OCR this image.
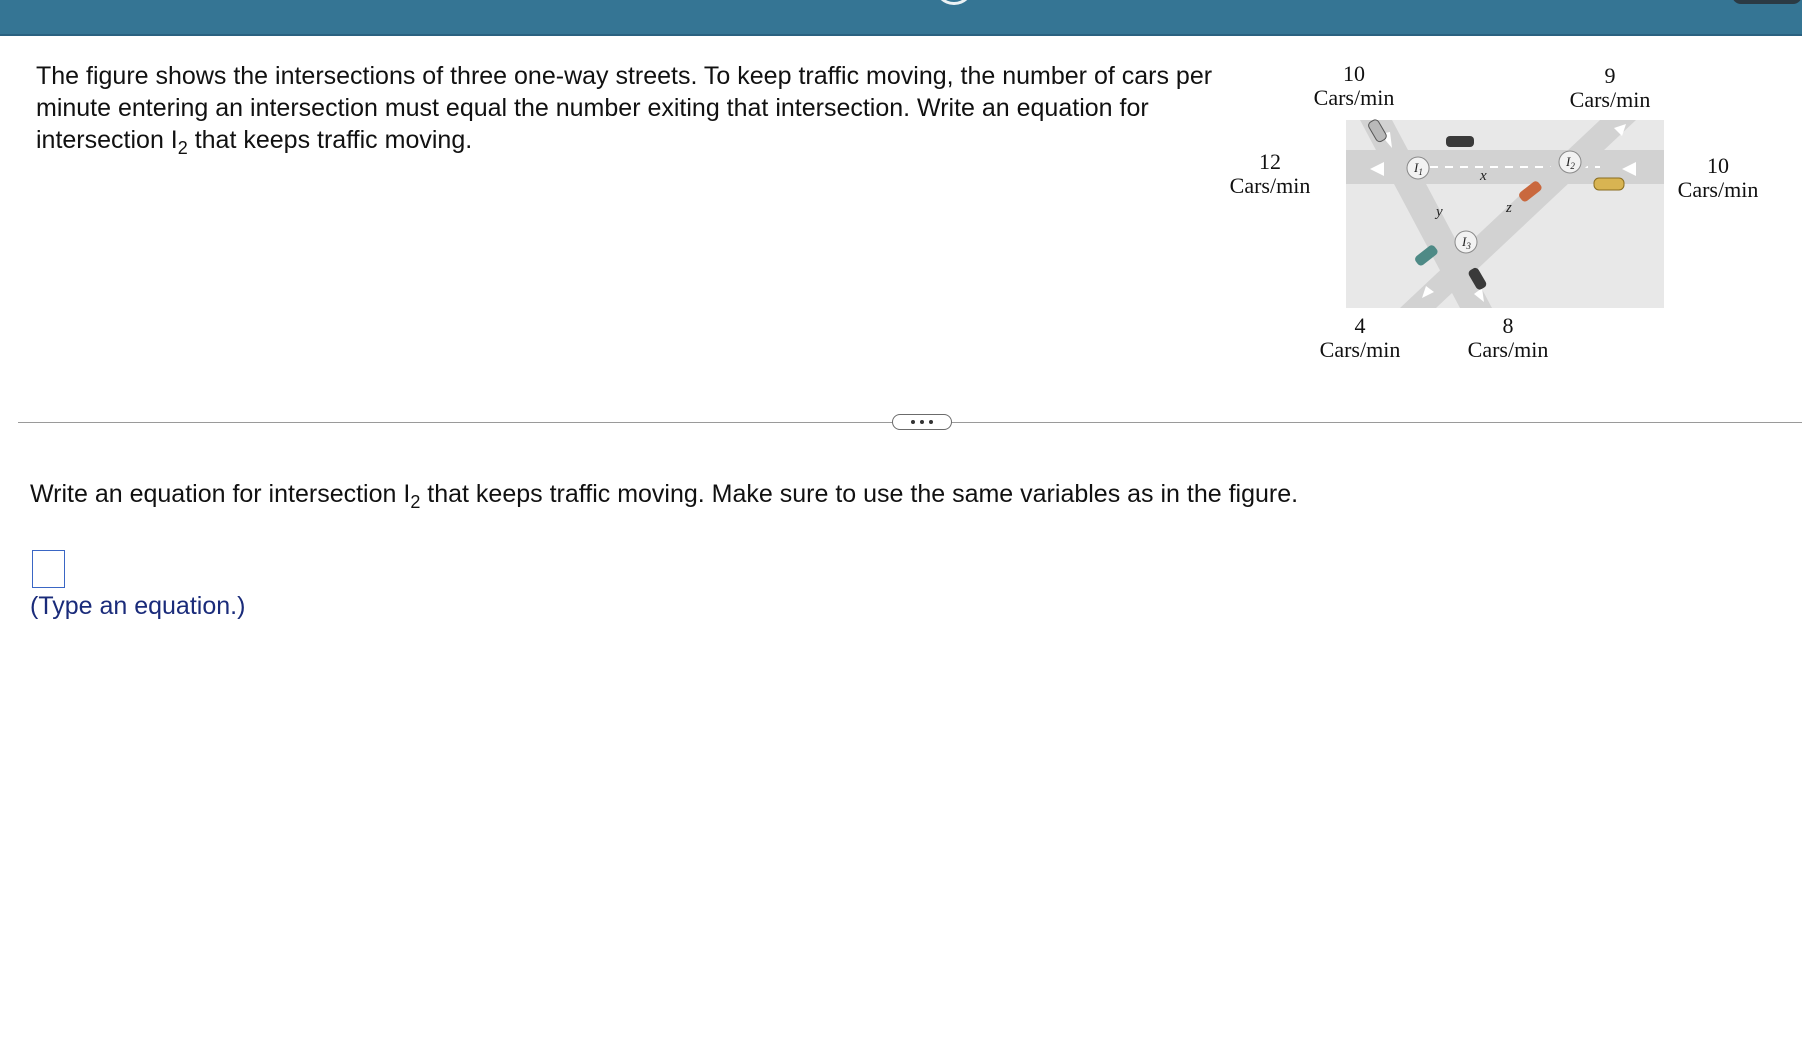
The figure shows the intersections of three one-way streets. To keep traffic moving, the number of cars per minute entering an intersection must equal the number exiting that intersection. Write an equation for intersection $I_2$ that keeps traffic moving.
10
Cars/min
9
Cars/min
12
Cars/min
10
Cars/min
4
Cars/min
8
Cars/min
$I_1$
$I_2$
$I_3$
x
y	z
Write an equation for intersection $I_2$ that keeps traffic moving. Make sure to use the same variables as in the figure.
(Type an equation.)
